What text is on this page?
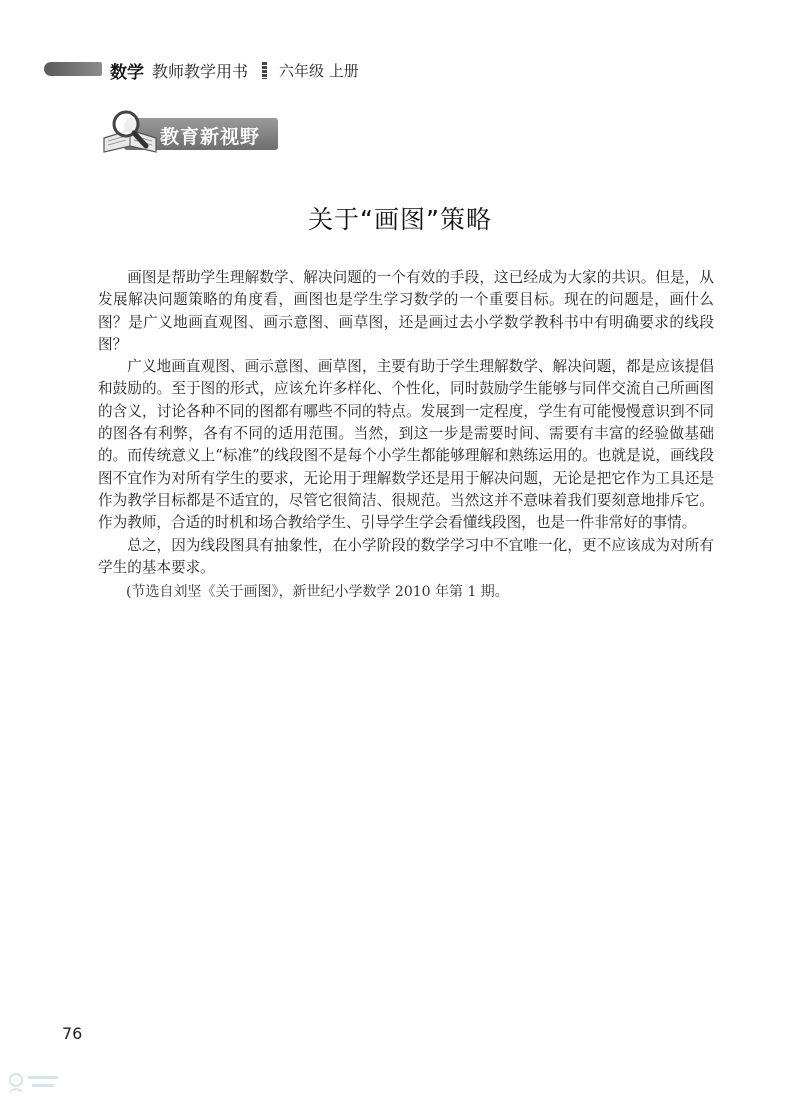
数学 教师教学用书 六年级 上册
教育新视野
关于“画图”策略

画图是帮助学生理解数学、解决问题的一个有效的手段，这已经成为大家的共识。但是，从发展解决问题策略的角度看，画图也是学生学习数学的一个重要目标。现在的问题是，画什么图？是广义地画直观图、画示意图、画草图，还是画过去小学数学教科书中有明确要求的线段图？

广义地画直观图、画示意图、画草图，主要有助于学生理解数学、解决问题，都是应该提倡和鼓励的。至于图的形式，应该允许多样化、个性化，同时鼓励学生能够与同伴交流自己所画图的含义，讨论各种不同的图都有哪些不同的特点。发展到一定程度，学生有可能慢慢意识到不同的图各有利弊，各有不同的适用范围。当然，到这一步是需要时间、需要有丰富的经验做基础的。而传统意义上“标准”的线段图不是每个小学生都能够理解和熟练运用的。也就是说，画线段图不宜作为对所有学生的要求，无论用于理解数学还是用于解决问题，无论是把它作为工具还是作为教学目标都是不适宜的，尽管它很简洁、很规范。当然这并不意味着我们要刻意地排斥它。作为教师，合适的时机和场合教给学生、引导学生学会看懂线段图，也是一件非常好的事情。

总之，因为线段图具有抽象性，在小学阶段的数学学习中不宜唯一化，更不应该成为对所有学生的基本要求。

(节选自刘坚《关于画图》，新世纪小学数学 2010 年第 1 期。

76
